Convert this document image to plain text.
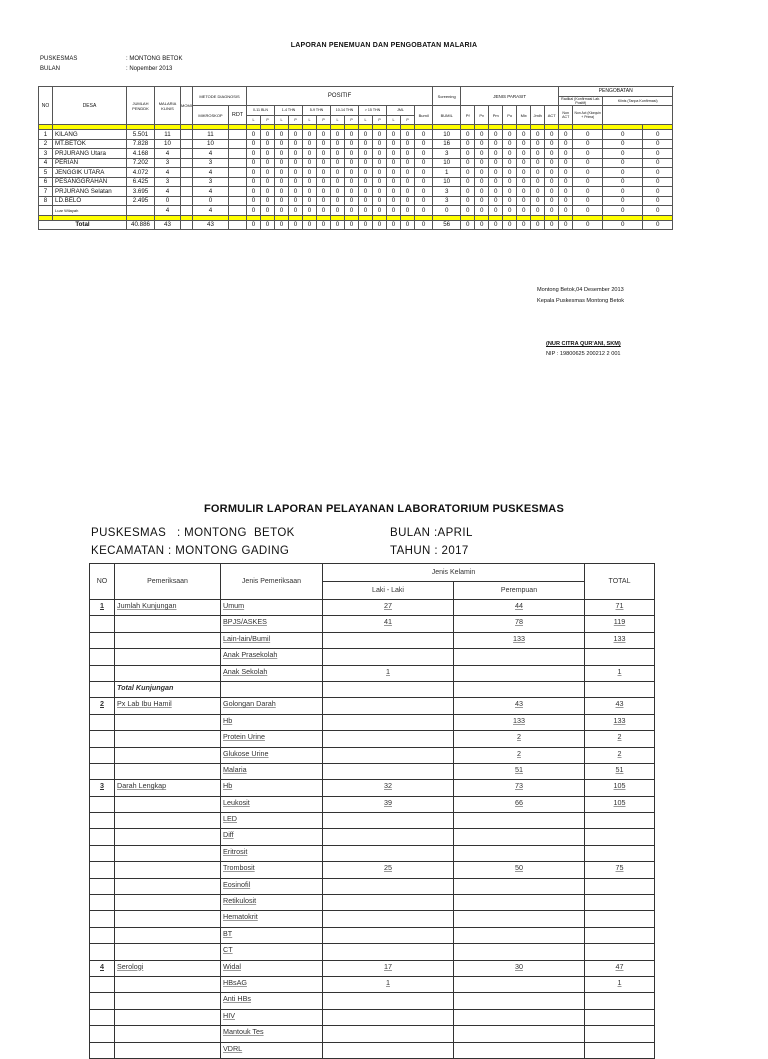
LAPORAN PENEMUAN DAN PENGOBATAN MALARIA
PUSKESMAS	: MONTONG BETOK
BULAN	: Nopember 2013
NO	DESA	JUMLAH PENDDK	MALARIA KLINIS	MOMI	METODE DIAGNOSIS		POSITIF													Screening	JENIS PARASIT							PENGOBATAN				
																												Radikal (Konfirmasi Lab. Positif)		Klinis (Tanpa Konfirmasi)	
					MIKROSKOP	RDT	0-11 BLN		1-4 THN		5-9 THN		10-14 THN		> 15 THN		JML		Bumil	BUMIL	Pf	Pv	Pm	Po	Mix	Jmlh	ACT	Non ACT	Non Act (Klorquin + Prima)			
							L	P	L	P	L	P	L	P	L	P	L	P														

1	KILANG	5.501	11		11		0	0	0	0	0	0	0	0	0	0	0	0	0	10	0	0	0	0	0	0	0	0	0	0	0	
2	MT.BETOK	7.828	10		10		0	0	0	0	0	0	0	0	0	0	0	0	0	16	0	0	0	0	0	0	0	0	0	0	0	
3	PRJURANG Utara	4.168	4		4		0	0	0	0	0	0	0	0	0	0	0	0	0	3	0	0	0	0	0	0	0	0	0	0	0	
4	PERIAN	7.202	3		3		0	0	0	0	0	0	0	0	0	0	0	0	0	10	0	0	0	0	0	0	0	0	0	0	0	
5	JENGGIK UTARA	4.072	4		4		0	0	0	0	0	0	0	0	0	0	0	0	0	1	0	0	0	0	0	0	0	0	0	0	0	
6	PESANGGRAHAN	6.425	3		3		0	0	0	0	0	0	0	0	0	0	0	0	0	10	0	0	0	0	0	0	0	0	0	0	0	
7	PRJURANG Selatan	3.695	4		4		0	0	0	0	0	0	0	0	0	0	0	0	0	3	0	0	0	0	0	0	0	0	0	0	0	
8	LD.BELO	2.495	0		0		0	0	0	0	0	0	0	0	0	0	0	0	0	3	0	0	0	0	0	0	0	0	0	0	0	
	Luar Wilayah		4		4		0	0	0	0	0	0	0	0	0	0	0	0	0	0	0	0	0	0	0	0	0	0	0	0	0	

Total		40.886	43		43		0	0	0	0	0	0	0	0	0	0	0	0	0	56	0	0	0	0	0	0	0	0	0	0	0	
Montong Betok,04 Desember 2013
Kepala Puskesmas Montong Betok
(NUR CITRA QUR'ANI, SKM)
NIP : 19800625 200212 2 001
FORMULIR LAPORAN PELAYANAN LABORATORIUM PUSKESMAS
PUSKESMAS   : MONTONG  BETOK
KECAMATAN : MONTONG GADING
BULAN :APRIL
TAHUN : 2017
NO	Pemeriksaan	Jenis Pemeriksaan	Jenis Kelamin		TOTAL
			Laki - Laki	Perempuan	
1	Jumlah Kunjungan	Umum	27	44	71
		BPJS/ASKES	41	78	119
		Lain-lain/Bumil		133	133
		Anak Prasekolah			
		Anak Sekolah	1		1
	Total Kunjungan				
2	Px Lab Ibu Hamil	Golongan Darah		43	43
		Hb		133	133
		Protein Urine		2	2
		Glukose Urine		2	2
		Malaria		51	51
3	Darah Lengkap	Hb	32	73	105
		Leukosit	39	66	105
		LED			
		Diff			
		Eritrosit			
		Trombosit	25	50	75
		Eosinofil			
		Retikulosit			
		Hematokrit			
		BT			
		CT			
4	Serologi	Widal	17	30	47
		HBsAG	1		1
		Anti HBs			
		HIV			
		Mantouk Tes			
		VDRL			
